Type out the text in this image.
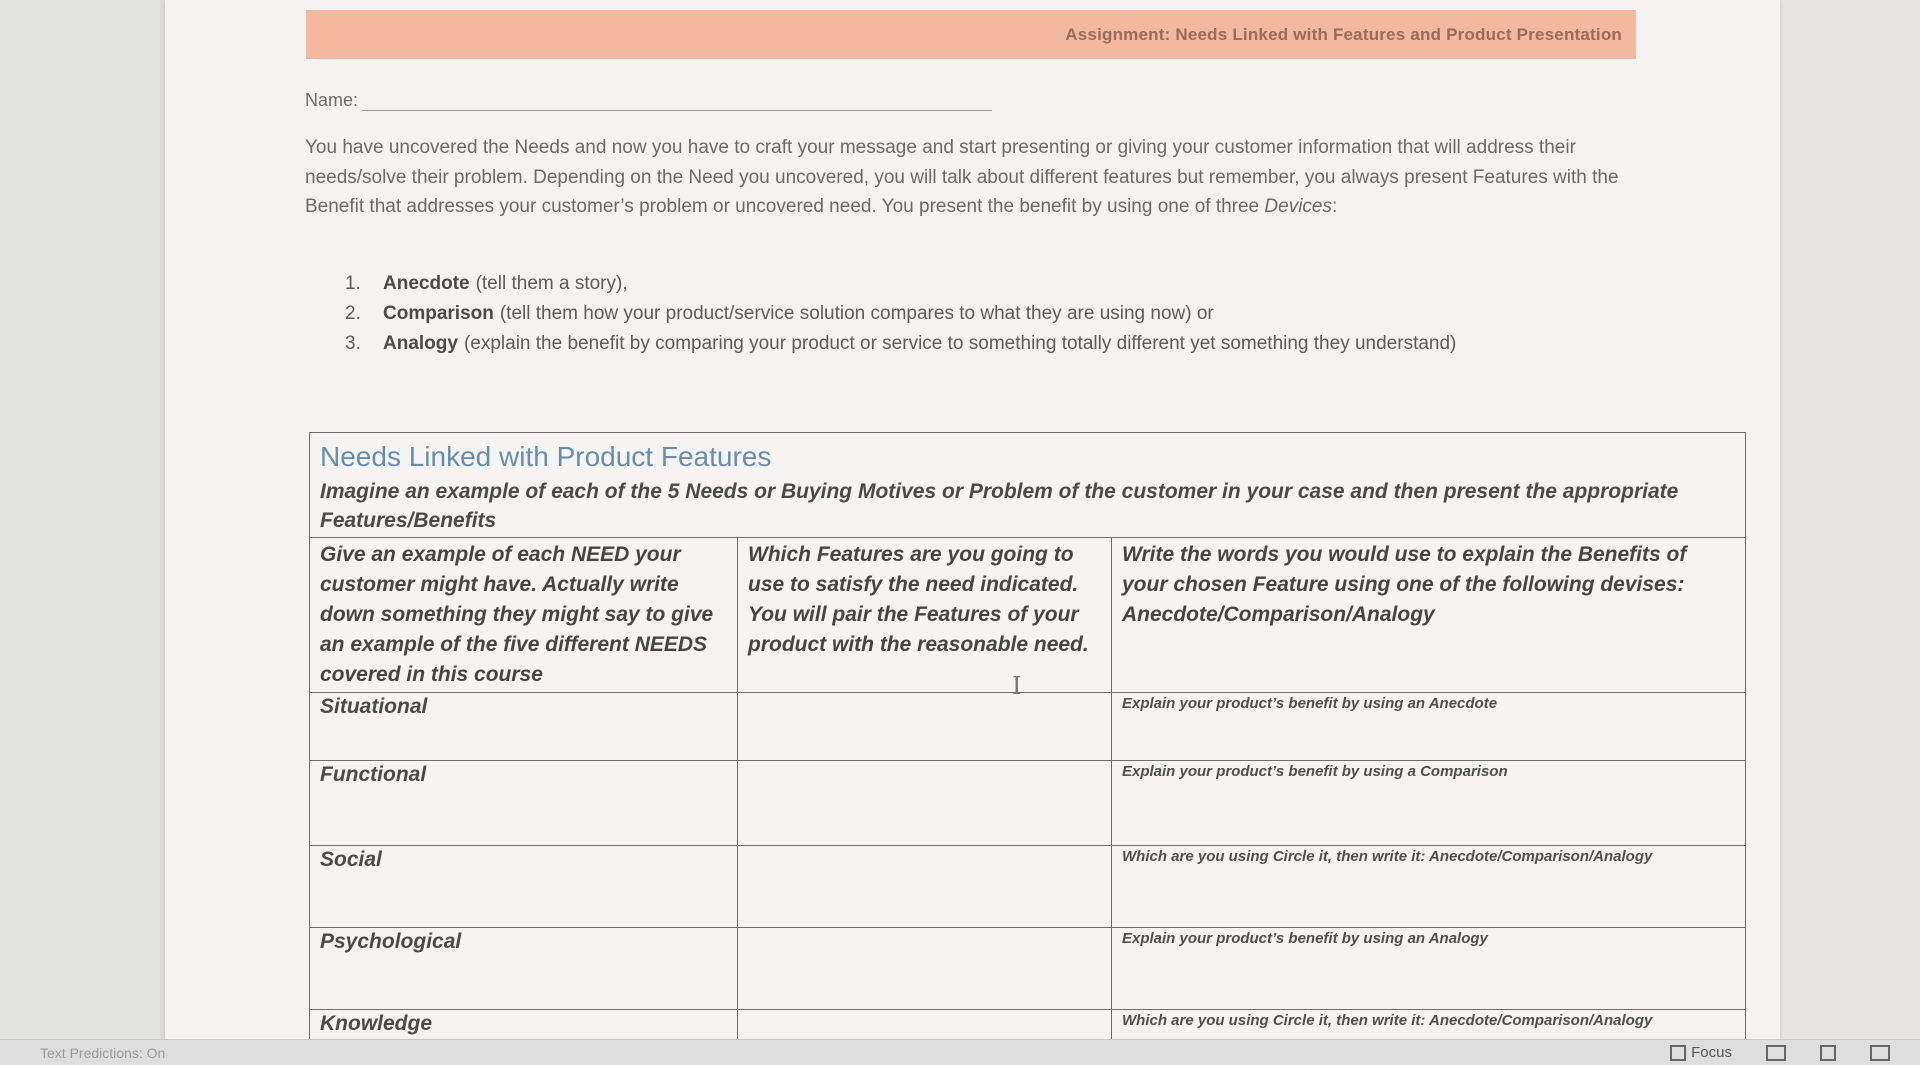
Assignment: Needs Linked with Features and Product Presentation
Name:
You have uncovered the Needs and now you have to craft your message and start presenting or giving your customer information that will address their needs/solve their problem. Depending on the Need you uncovered, you will talk about different features but remember, you always present Features with the Benefit that addresses your customer’s problem or uncovered need. You present the benefit by using one of three Devices:
1.	Anecdote (tell them a story),
2.	Comparison (tell them how your product/service solution compares to what they are using now) or
3.	Analogy (explain the benefit by comparing your product or service to something totally different yet something they understand)
Needs Linked with Product Features
Imagine an example of each of the 5 Needs or Buying Motives or Problem of the customer in your case and then present the appropriate Features/Benefits		

Give an example of each NEED your customer might have. Actually write down something they might say to give an example of the five different NEEDS covered in this course	Which Features are you going to use to satisfy the need indicated. You will pair the Features of your product with the reasonable need.	Write the words you would use to explain the Benefits of your chosen Feature using one of the following devises: Anecdote/Comparison/Analogy
Situational		Explain your product’s benefit by using an Anecdote
Functional		Explain your product’s benefit by using a Comparison
Social		Which are you using Circle it, then write it: Anecdote/Comparison/Analogy
Psychological		Explain your product’s benefit by using an Analogy
Knowledge		Which are you using Circle it, then write it: Anecdote/Comparison/Analogy
I
Text Predictions: On	Focus
